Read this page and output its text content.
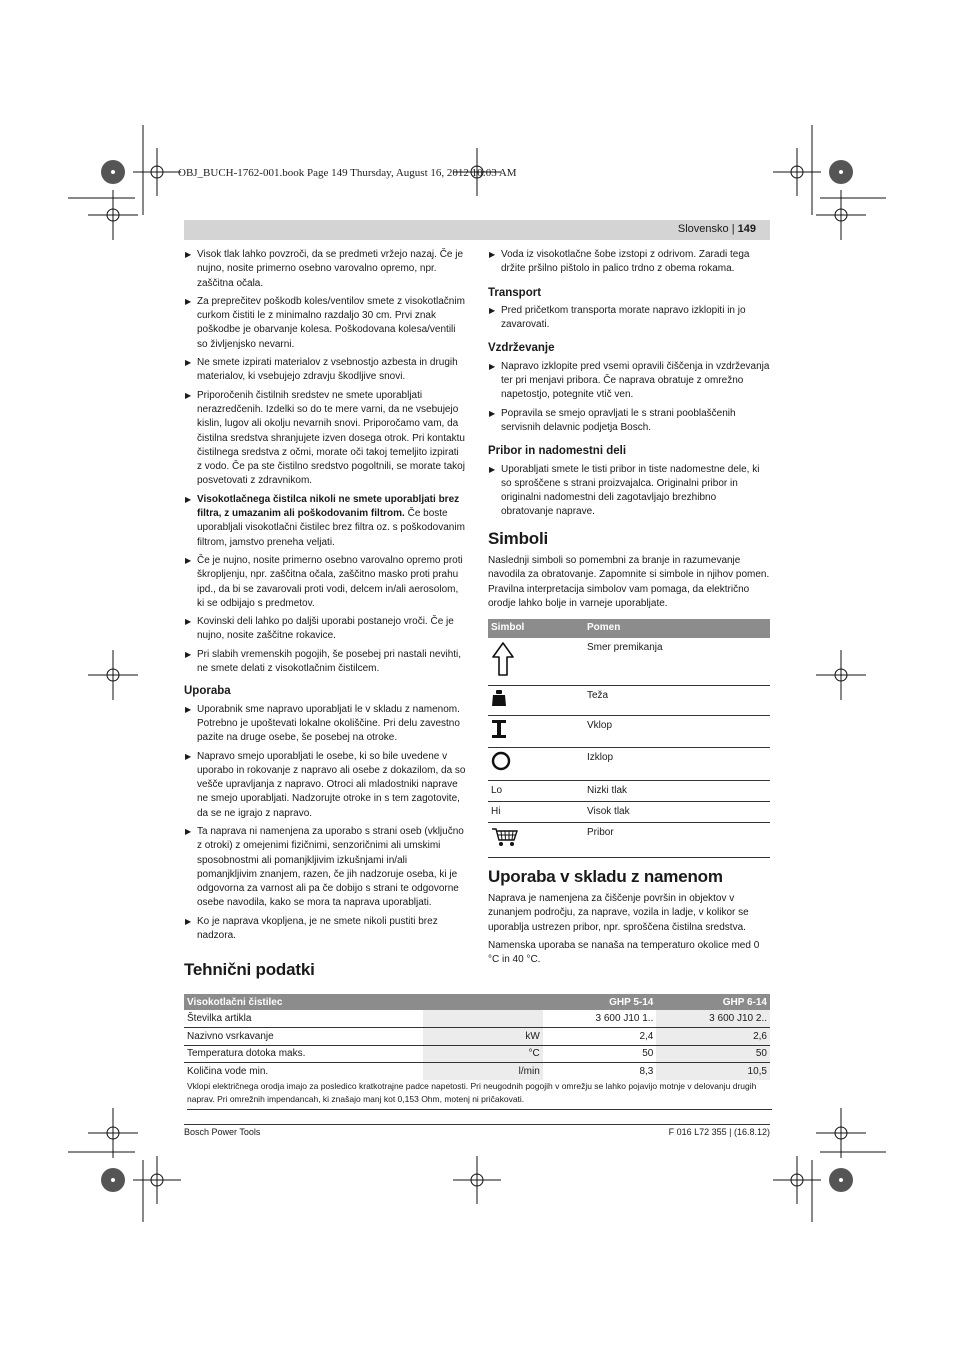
OBJ_BUCH-1762-001.book Page 149 Thursday, August 16, 2012 10:03 AM
Slovensko | 149
▶ Visok tlak lahko povzroči, da se predmeti vržejo nazaj. Če je nujno, nosite primerno osebno varovalno opremo, npr. zaščitna očala.
▶ Za preprečitev poškodb koles/ventilov smete z visokotlačnim curkom čistiti le z minimalno razdaljo 30 cm. Prvi znak poškodbe je obarvanje kolesa. Poškodovana kolesa/ventili so življenjsko nevarni.
▶ Ne smete izpirati materialov z vsebnostjo azbesta in drugih materialov, ki vsebujejo zdravju škodljive snovi.
▶ Priporočenih čistilnih sredstev ne smete uporabljati nerazredčenih. Izdelki so do te mere varni, da ne vsebujejo kislin, lugov ali okolju nevarnih snovi. Priporočamo vam, da čistilna sredstva shranjujete izven dosega otrok. Pri kontaktu čistilnega sredstva z očmi, morate oči takoj temeljito izpirati z vodo. Če pa ste čistilno sredstvo pogoltnili, se morate takoj posvetovati z zdravnikom.
▶ Visokotlačnega čistilca nikoli ne smete uporabljati brez filtra, z umazanim ali poškodovanim filtrom. Če boste uporabljali visokotlačni čistilec brez filtra oz. s poškodovanim filtrom, jamstvo preneha veljati.
▶ Če je nujno, nosite primerno osebno varovalno opremo proti škropljenju, npr. zaščitna očala, zaščitno masko proti prahu ipd., da bi se zavarovali proti vodi, delcem in/ali aerosolom, ki se odbijajo s predmetov.
▶ Kovinski deli lahko po daljši uporabi postanejo vroči. Če je nujno, nosite zaščitne rokavice.
▶ Pri slabih vremenskih pogojih, še posebej pri nastali nevihti, ne smete delati z visokotlačnim čistilcem.
Uporaba
▶ Uporabnik sme napravo uporabljati le v skladu z namenom. Potrebno je upoštevati lokalne okoliščine. Pri delu zavestno pazite na druge osebe, še posebej na otroke.
▶ Napravo smejo uporabljati le osebe, ki so bile uvedene v uporabo in rokovanje z napravo ali osebe z dokazilom, da so vešče upravljanja z napravo. Otroci ali mladostniki naprave ne smejo uporabljati. Nadzorujte otroke in s tem zagotovite, da se ne igrajo z napravo.
▶ Ta naprava ni namenjena za uporabo s strani oseb (vključno z otroki) z omejenimi fizičnimi, senzoričnimi ali umskimi sposobnostmi ali pomanjkljivim izkušnjami in/ali pomanjkljivim znanjem, razen, če jih nadzoruje oseba, ki je odgovorna za varnost ali pa če dobijo s strani te odgovorne osebe navodila, kako se mora ta naprava uporabljati.
▶ Ko je naprava vkopljena, je ne smete nikoli pustiti brez nadzora.
▶ Voda iz visokotlačne šobe izstopi z odrivom. Zaradi tega držite pršilno pištolo in palico trdno z obema rokama.
Transport
▶ Pred pričetkom transporta morate napravo izklopiti in jo zavarovati.
Vzdrževanje
▶ Napravo izklopite pred vsemi opravili čiščenja in vzdrževanja ter pri menjavi pribora. Če naprava obratuje z omrežno napetostjo, potegnite vtič ven.
▶ Popravila se smejo opravljati le s strani pooblaščenih servisnih delavnic podjetja Bosch.
Pribor in nadomestni deli
▶ Uporabljati smete le tisti pribor in tiste nadomestne dele, ki so sproščene s strani proizvajalca. Originalni pribor in originalni nadomestni deli zagotavljajo brezhibno obratovanje naprave.
Simboli
Naslednji simboli so pomembni za branje in razumevanje navodila za obratovanje. Zapomnite si simbole in njihov pomen. Pravilna interpretacija simbolov vam pomaga, da električno orodje lahko bolje in varneje uporabljate.
Simbol	Pomen
	Smer premikanja
	Teža
	Vklop
	Izklop
Lo	Nizki tlak
Hi	Visok tlak
	Pribor
Uporaba v skladu z namenom
Naprava je namenjena za čiščenje površin in objektov v zunanjem področju, za naprave, vozila in ladje, v kolikor se uporablja ustrezen pribor, npr. sproščena čistilna sredstva.
Namenska uporaba se nanaša na temperaturo okolice med 0 °C in 40 °C.
Tehnični podatki
Visokotlačni čistilec			GHP 5-14	GHP 6-14
Številka artikla			3 600 J10 1..	3 600 J10 2..
Nazivno vsrkavanje		kW	2,4	2,6
Temperatura dotoka maks.		°C	50	50
Količina vode min.		l/min	8,3	10,5
Vklopi električnega orodja imajo za posledico kratkotrajne padce napetosti. Pri neugodnih pogojih v omrežju se lahko pojavijo motnje v delovanju drugih naprav. Pri omrežnih impendancah, ki znašajo manj kot 0,153 Ohm, motenj ni pričakovati.
Bosch Power Tools	F 016 L72 355 | (16.8.12)
